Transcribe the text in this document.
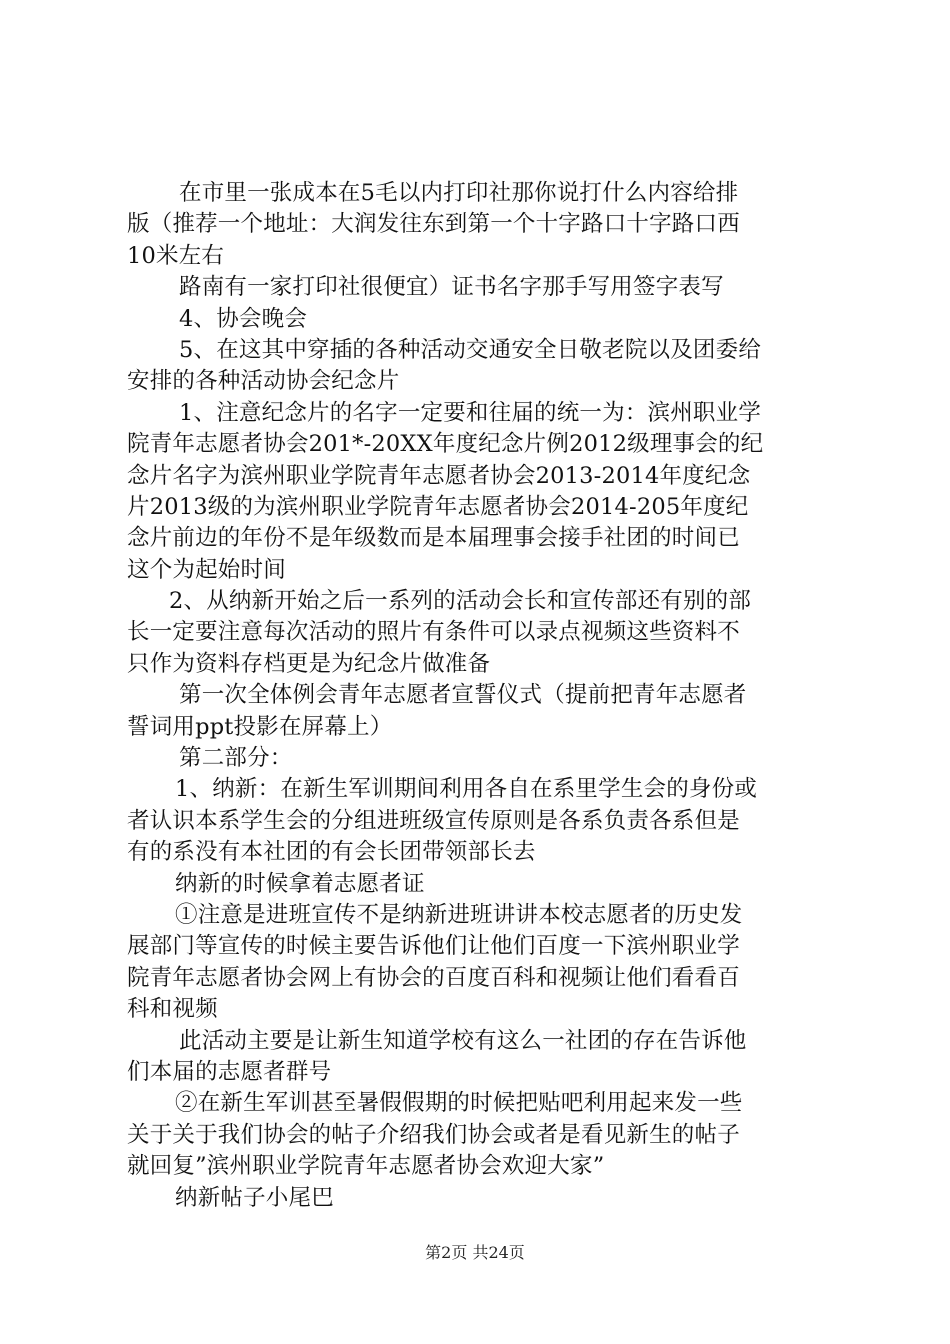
在市里一张成本在5毛以内打印社那你说打什么内容给排
版（推荐一个地址：大润发往东到第一个十字路口十字路口西
10米左右
路南有一家打印社很便宜）证书名字那手写用签字表写
4、协会晚会
5、在这其中穿插的各种活动交通安全日敬老院以及团委给
安排的各种活动协会纪念片
1、注意纪念片的名字一定要和往届的统一为：滨州职业学
院青年志愿者协会201*-20XX年度纪念片例2012级理事会的纪
念片名字为滨州职业学院青年志愿者协会2013-2014年度纪念
片2013级的为滨州职业学院青年志愿者协会2014-205年度纪
念片前边的年份不是年级数而是本届理事会接手社团的时间已
这个为起始时间
2、从纳新开始之后一系列的活动会长和宣传部还有别的部
长一定要注意每次活动的照片有条件可以录点视频这些资料不
只作为资料存档更是为纪念片做准备
第一次全体例会青年志愿者宣誓仪式（提前把青年志愿者
誓词用ppt投影在屏幕上）
第二部分：
1、纳新：在新生军训期间利用各自在系里学生会的身份或
者认识本系学生会的分组进班级宣传原则是各系负责各系但是
有的系没有本社团的有会长团带领部长去
纳新的时候拿着志愿者证
①注意是进班宣传不是纳新进班讲讲本校志愿者的历史发
展部门等宣传的时候主要告诉他们让他们百度一下滨州职业学
院青年志愿者协会网上有协会的百度百科和视频让他们看看百
科和视频
此活动主要是让新生知道学校有这么一社团的存在告诉他
们本届的志愿者群号
②在新生军训甚至暑假假期的时候把贴吧利用起来发一些
关于关于我们协会的帖子介绍我们协会或者是看见新生的帖子
就回复”滨州职业学院青年志愿者协会欢迎大家”
纳新帖子小尾巴
第2页 共24页
